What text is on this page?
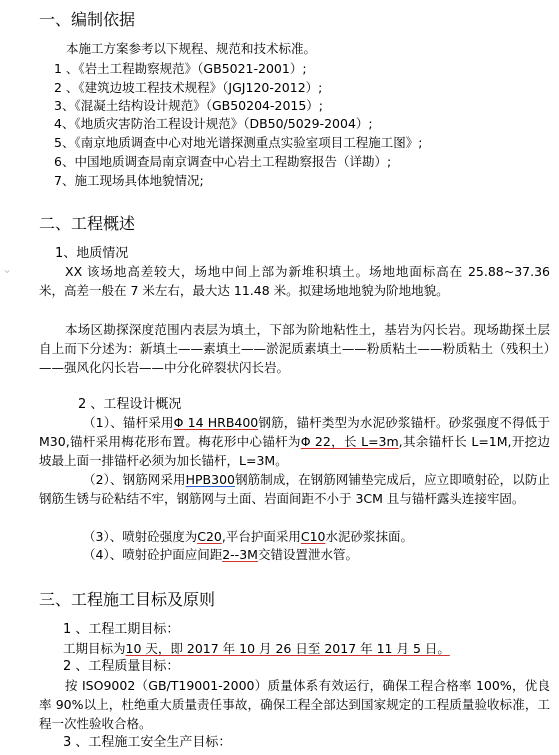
一、编制依据
本施工方案参考以下规程、规范和技术标准。
1 、《岩土工程勘察规范》（GB5021-2001）;
2 、《建筑边坡工程技术规程》（JGJ120-2012）;
3、《混凝土结构设计规范》（GB50204-2015）;
4、《地质灾害防治工程设计规范》（DB50/5029-2004）;
5、《南京地质调查中心对地光谱探测重点实验室项目工程施工图》;
6、中国地质调查局南京调查中心岩土工程勘察报告（详勘）;
7、施工现场具体地貌情况;
二、工程概述
1、地质情况
⌄	XX 该场地高差较大，场地中间上部为新堆积填土。场地地面标高在 25.88~37.36 米，高差一般在 7 米左右，最大达 11.48 米。拟建场地地貌为阶地地貌。
本场区勘探深度范围内表层为填土，下部为阶地粘性土，基岩为闪长岩。现场勘探土层自上而下分述为：新填土——素填土——淤泥质素填土——粉质粘土——粉质粘土（残积土）——强风化闪长岩——中分化碎裂状闪长岩。
2 、工程设计概况
（1）、锚杆采用Φ 14 HRB400钢筋，锚杆类型为水泥砂浆锚杆。砂浆强度不得低于 M30,锚杆采用梅花形布置。梅花形中心锚杆为Φ 22，长 L=3m,其余锚杆长 L=1M,开挖边坡最上面一排锚杆必须为加长锚杆，L=3M。
（2）、钢筋网采用HPB300钢筋制成，在钢筋网铺垫完成后，应立即喷射砼，以防止钢筋生锈与砼粘结不牢，钢筋网与土面、岩面间距不小于 3CM 且与锚杆露头连接牢固。
（3）、喷射砼强度为C20,平台护面采用C10水泥砂浆抹面。
（4）、喷射砼护面应间距2--3M交错设置泄水管。
三、工程施工目标及原则
1 、工程工期目标：
工期目标为10 天，即 2017 年 10 月 26 日至 2017 年 11 月 5 日。
2 、工程质量目标：
按 ISO9002（GB/T19001-2000）质量体系有效运行，确保工程合格率 100%，优良率 90%以上，杜绝重大质量责任事故，确保工程全部达到国家规定的工程质量验收标准，工程一次性验收合格。
3 、工程施工安全生产目标：
